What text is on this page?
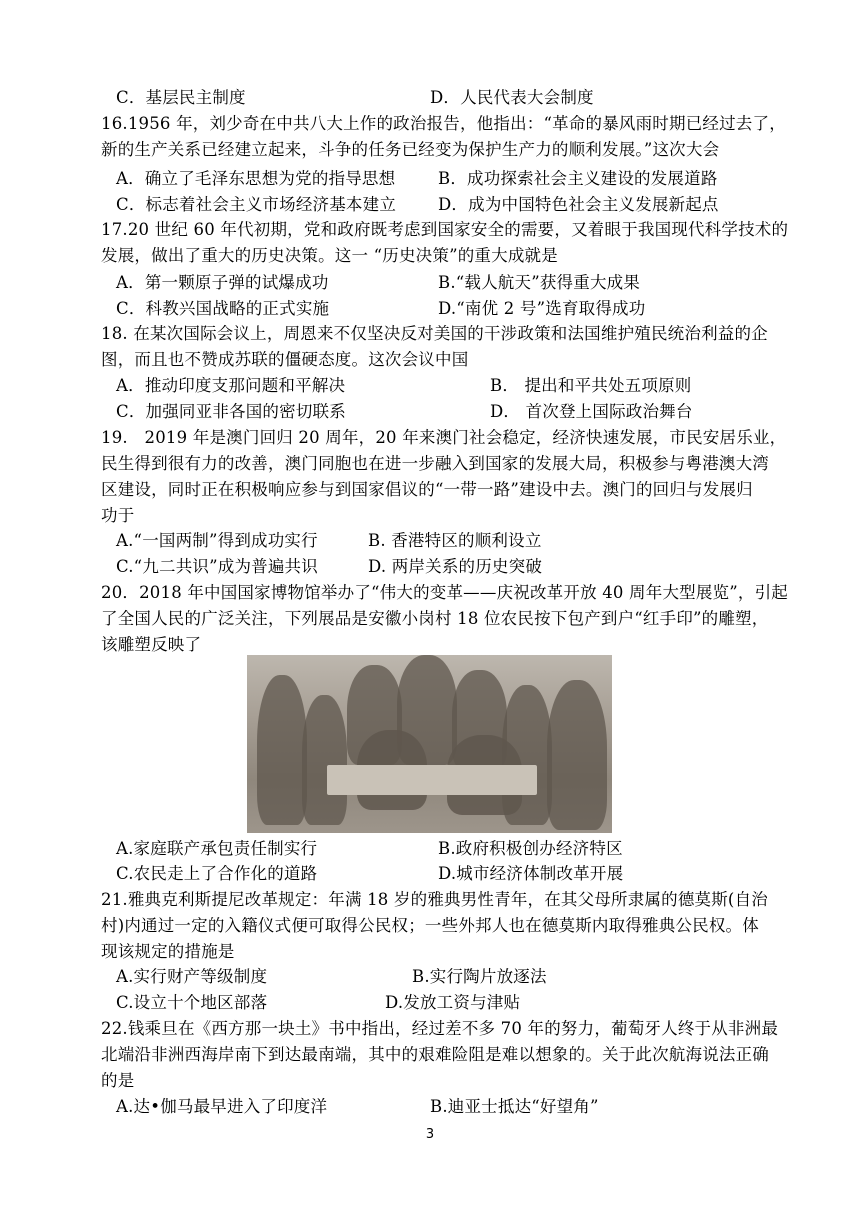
C．基层民主制度	D．人民代表大会制度
16.1956 年，刘少奇在中共八大上作的政治报告，他指出：“革命的暴风雨时期已经过去了，
新的生产关系已经建立起来，斗争的任务已经变为保护生产力的顺利发展。”这次大会
A．确立了毛泽东思想为党的指导思想	B．成功探索社会主义建设的发展道路
C．标志着社会主义市场经济基本建立	D．成为中国特色社会主义发展新起点
17.20 世纪 60 年代初期，党和政府既考虑到国家安全的需要，又着眼于我国现代科学技术的
发展，做出了重大的历史决策。这一 “历史决策”的重大成就是
A．第一颗原子弹的试爆成功	B.“载人航天”获得重大成果
C．科教兴国战略的正式实施	D.“南优 2 号”选育取得成功
18. 在某次国际会议上，周恩来不仅坚决反对美国的干涉政策和法国维护殖民统治利益的企
图，而且也不赞成苏联的僵硬态度。这次会议中国
A．推动印度支那问题和平解决	B． 提出和平共处五项原则
C．加强同亚非各国的密切联系	D． 首次登上国际政治舞台
19.　2019 年是澳门回归 20 周年，20 年来澳门社会稳定，经济快速发展，市民安居乐业，
民生得到很有力的改善，澳门同胞也在进一步融入到国家的发展大局，积极参与粤港澳大湾
区建设，同时正在积极响应参与到国家倡议的“一带一路”建设中去。澳门的回归与发展归
功于
A.“一国两制”得到成功实行	B. 香港特区的顺利设立
C.“九二共识”成为普遍共识	D. 两岸关系的历史突破
20．2018 年中国国家博物馆举办了“伟大的变革——庆祝改革开放 40 周年大型展览”，引起
了全国人民的广泛关注，下列展品是安徽小岗村 18 位农民按下包产到户“红手印”的雕塑，
该雕塑反映了
A.家庭联产承包责任制实行	B.政府积极创办经济特区
C.农民走上了合作化的道路	D.城市经济体制改革开展
21.雅典克利斯提尼改革规定：年满 18 岁的雅典男性青年，在其父母所隶属的德莫斯(自治
村)内通过一定的入籍仪式便可取得公民权；一些外邦人也在德莫斯内取得雅典公民权。体
现该规定的措施是
A.实行财产等级制度	B.实行陶片放逐法
C.设立十个地区部落	D.发放工资与津贴
22.钱乘旦在《西方那一块土》书中指出，经过差不多 70 年的努力，葡萄牙人终于从非洲最
北端沿非洲西海岸南下到达最南端，其中的艰难险阻是难以想象的。关于此次航海说法正确
的是
A.达•伽马最早进入了印度洋	B.迪亚士抵达“好望角”
3
